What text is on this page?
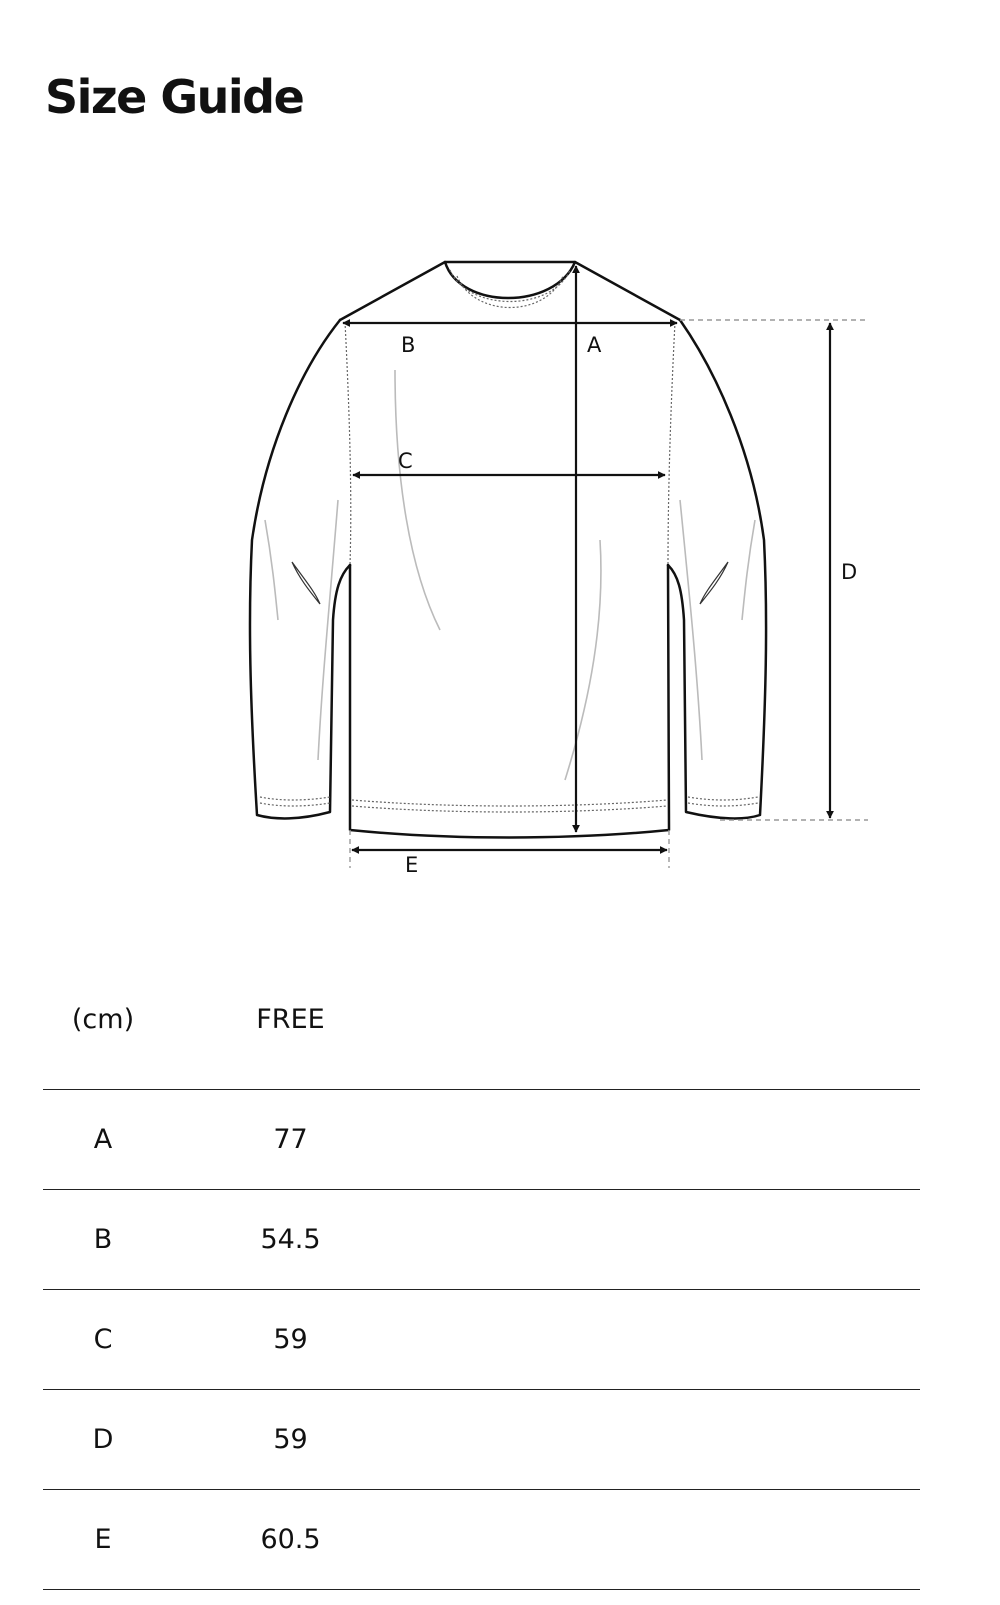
Size Guide
B	A
C
D
E
(cm)	FREE
A	77
B	54.5
C	59
D	59
E	60.5
